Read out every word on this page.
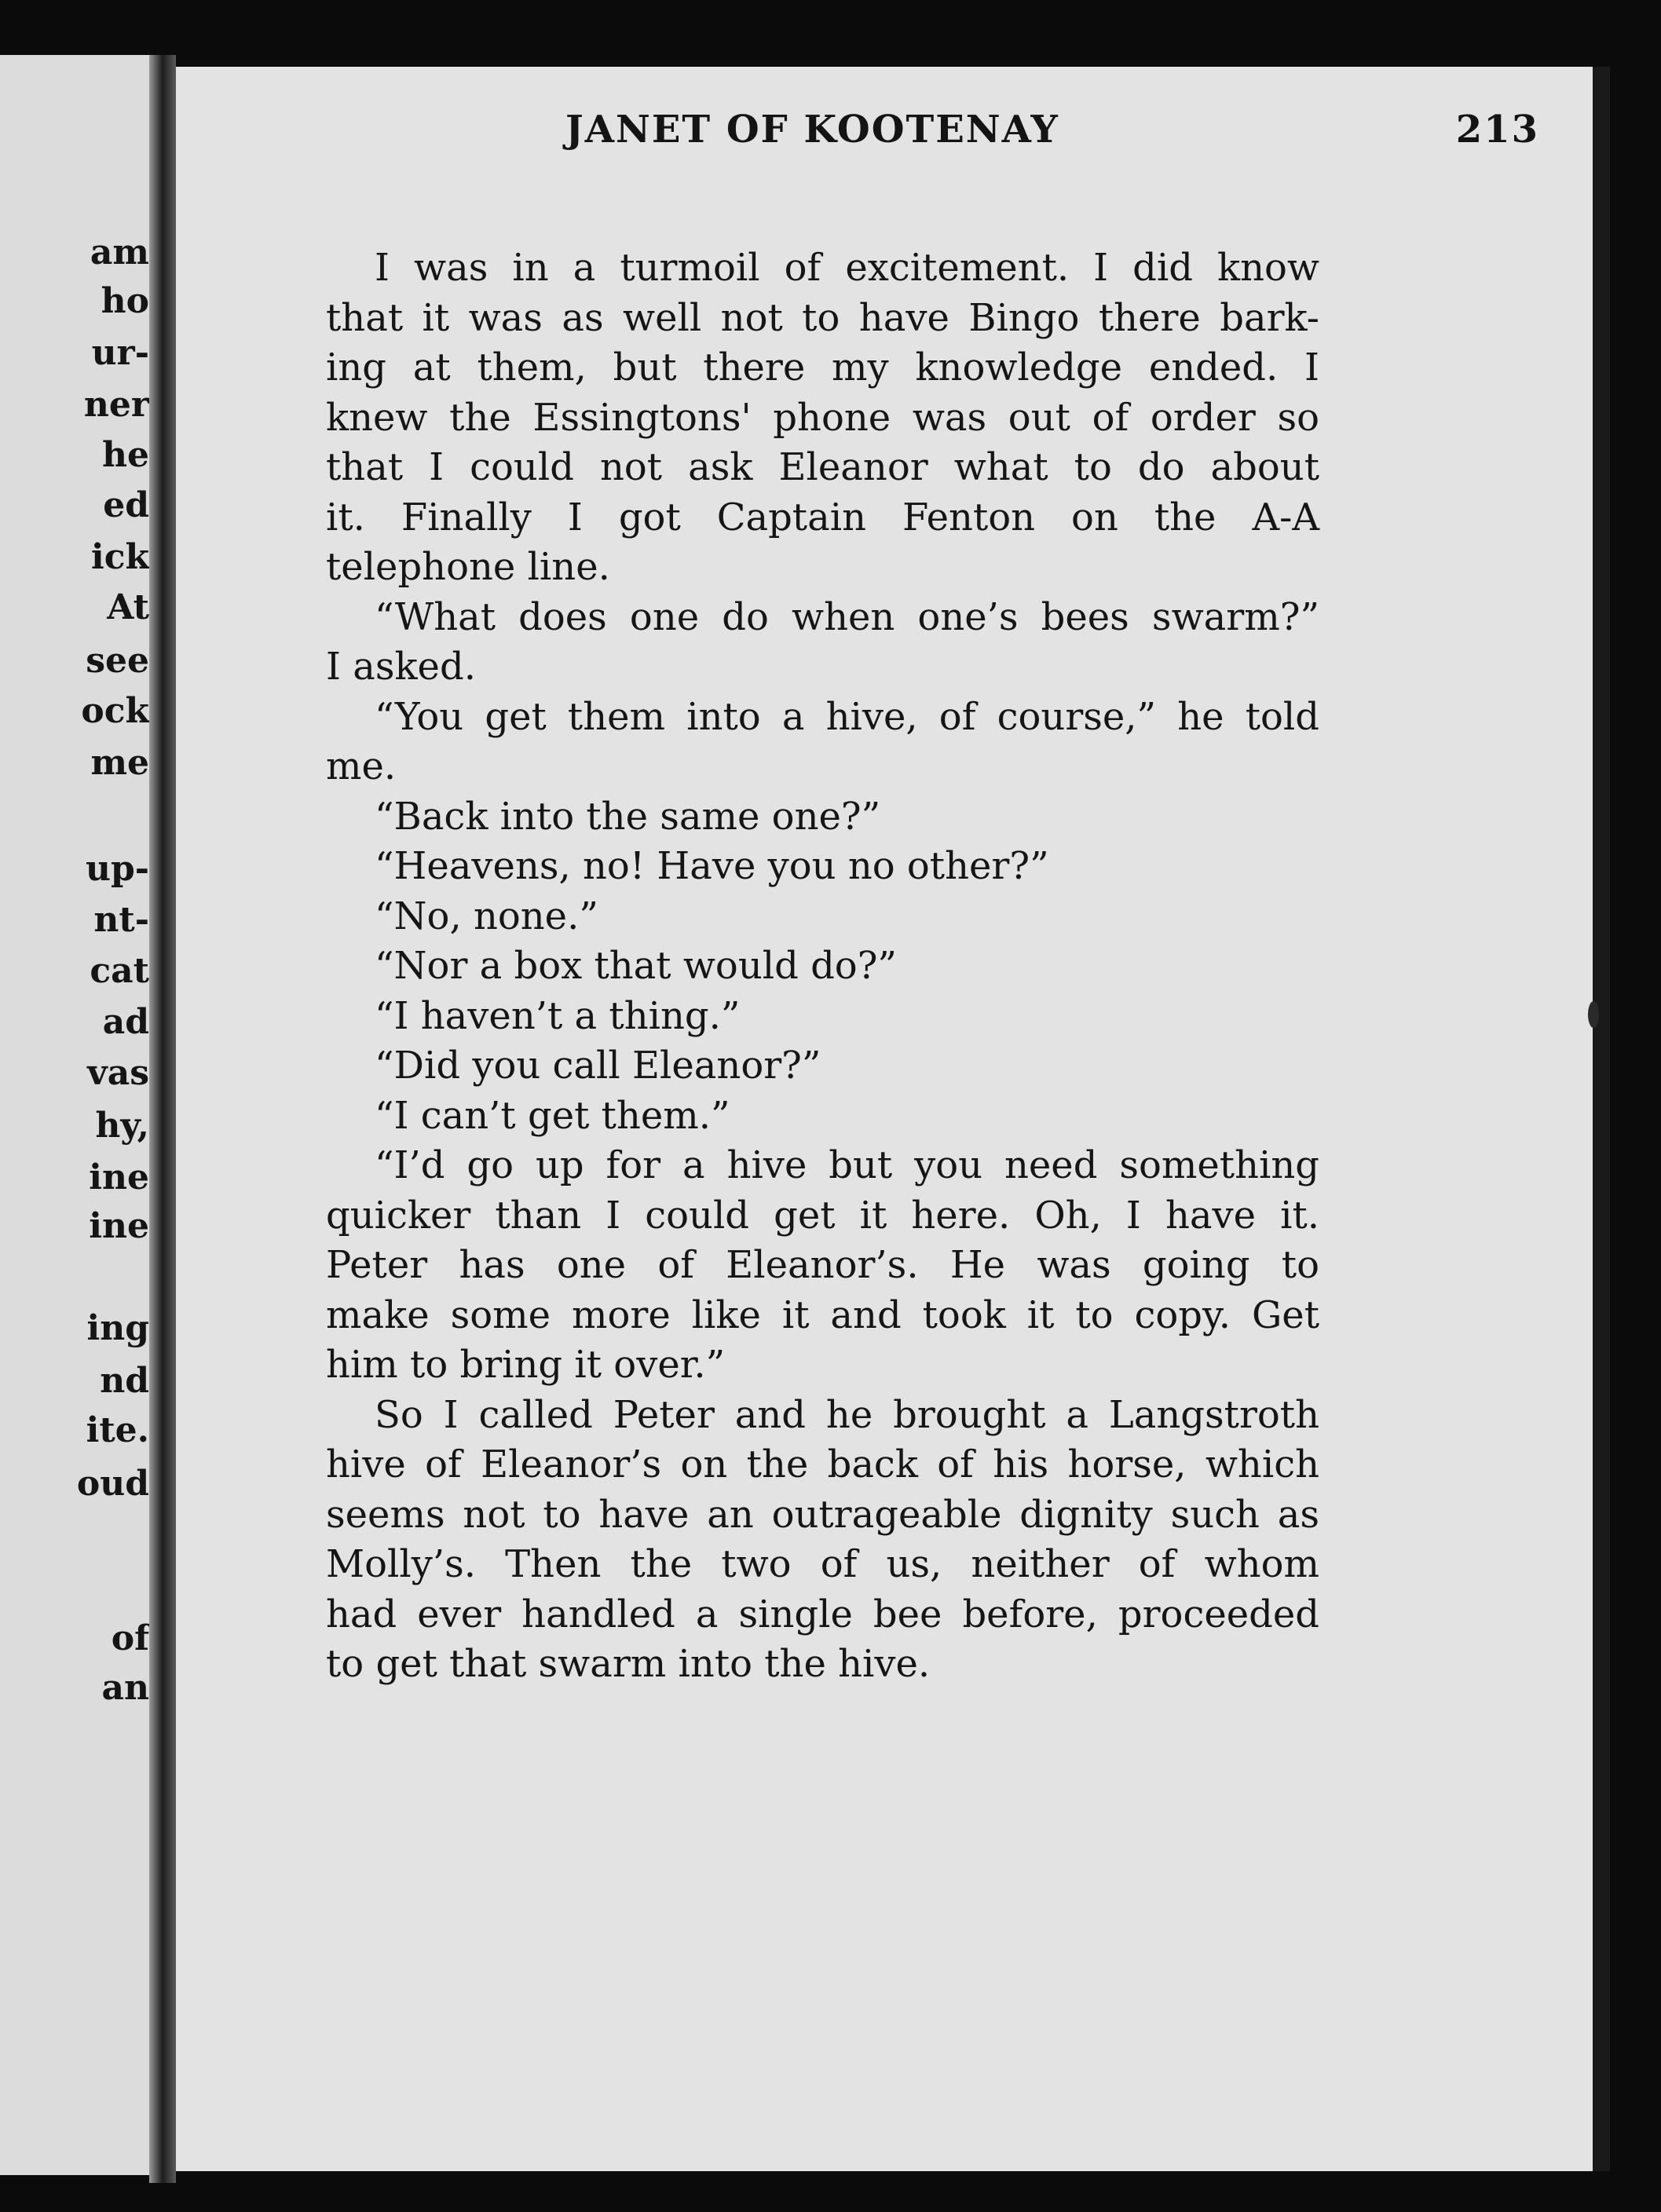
am
ho
ur-
ner
he
ed
ick
At
see
ock
me
up-
nt-
cat
ad
vas
hy,
ine
ine
ing
nd
ite.
oud
of
an
JANET OF KOOTENAY	213

I was in a turmoil of excitement. I did know
that it was as well not to have Bingo there bark-
ing at them, but there my knowledge ended. I
knew the Essingtons' phone was out of order so
that I could not ask Eleanor what to do about
it. Finally I got Captain Fenton on the A-A
telephone line.

“What does one do when one’s bees swarm?”
I asked.

“You get them into a hive, of course,” he told
me.

“Back into the same one?”

“Heavens, no! Have you no other?”

“No, none.”

“Nor a box that would do?”

“I haven’t a thing.”

“Did you call Eleanor?”

“I can’t get them.”

“I’d go up for a hive but you need something
quicker than I could get it here. Oh, I have it.
Peter has one of Eleanor’s. He was going to
make some more like it and took it to copy. Get
him to bring it over.”

So I called Peter and he brought a Langstroth
hive of Eleanor’s on the back of his horse, which
seems not to have an outrageable dignity such as
Molly’s. Then the two of us, neither of whom
had ever handled a single bee before, proceeded
to get that swarm into the hive.
